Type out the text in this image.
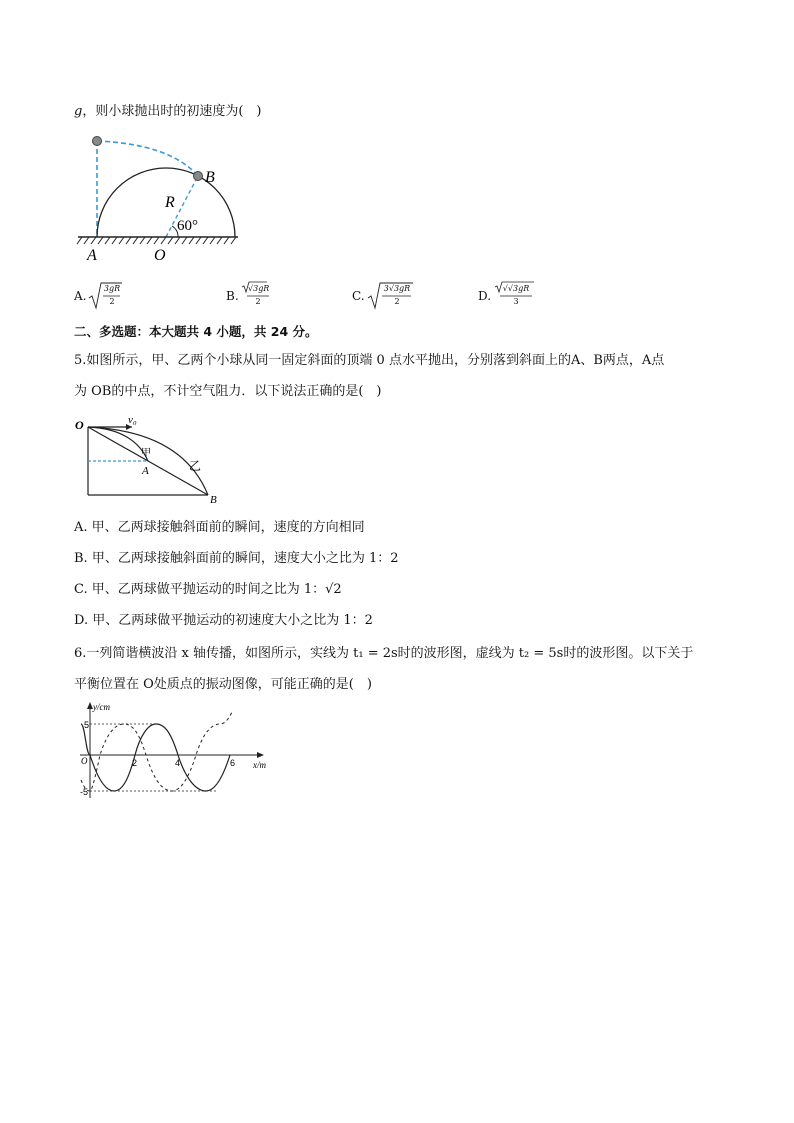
g，则小球抛出时的初速度为(　)
B
R
60°
A	O
A.
3gR
2	B.
√3gR
2	C.
3√3gR
2	D.
√√3gR
3
二、多选题：本大题共 4 小题，共 24 分。
5.如图所示，甲、乙两个小球从同一固定斜面的顶端 0 点水平抛出，分别落到斜面上的A、B两点，A点
为 OB的中点，不计空气阻力．以下说法正确的是(　)
O	v₀
甲
A	乙
B
A. 甲、乙两球接触斜面前的瞬间，速度的方向相同
B. 甲、乙两球接触斜面前的瞬间，速度大小之比为 1：2
C. 甲、乙两球做平抛运动的时间之比为 1：√2
D. 甲、乙两球做平抛运动的初速度大小之比为 1：2
6.一列简谐横波沿 x 轴传播，如图所示，实线为 t₁ = 2s时的波形图，虚线为 t₂ = 5s时的波形图。以下关于
平衡位置在 O处质点的振动图像，可能正确的是(　)
y/cm
x/m
5
-5
O	2	4	6
